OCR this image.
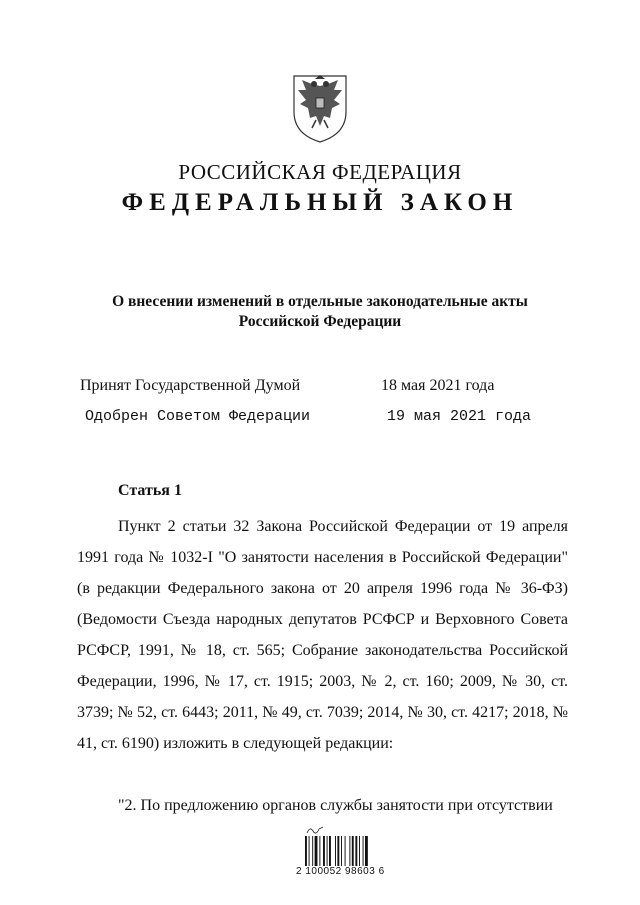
РОССИЙСКАЯ ФЕДЕРАЦИЯ
ФЕДЕРАЛЬНЫЙ ЗАКОН
О внесении изменений в отдельные законодательные акты
Российской Федерации
Принят Государственной Думой	18 мая 2021 года
Одобрен Советом Федерации	19 мая 2021 года
Статья 1
Пункт 2 статьи 32 Закона Российской Федерации от 19 апреля 1991 года № 1032-I "О занятости населения в Российской Федерации" (в редакции Федерального закона от 20 апреля 1996 года № 36-ФЗ) (Ведомости Съезда народных депутатов РСФСР и Верховного Совета РСФСР, 1991, № 18, ст. 565; Собрание законодательства Российской Федерации, 1996, № 17, ст. 1915; 2003, № 2, ст. 160; 2009, № 30, ст. 3739; № 52, ст. 6443; 2011, № 49, ст. 7039; 2014, № 30, ст. 4217; 2018, № 41, ст. 6190) изложить в следующей редакции:
"2. По предложению органов службы занятости при отсутствии
2 100052 98603 6
